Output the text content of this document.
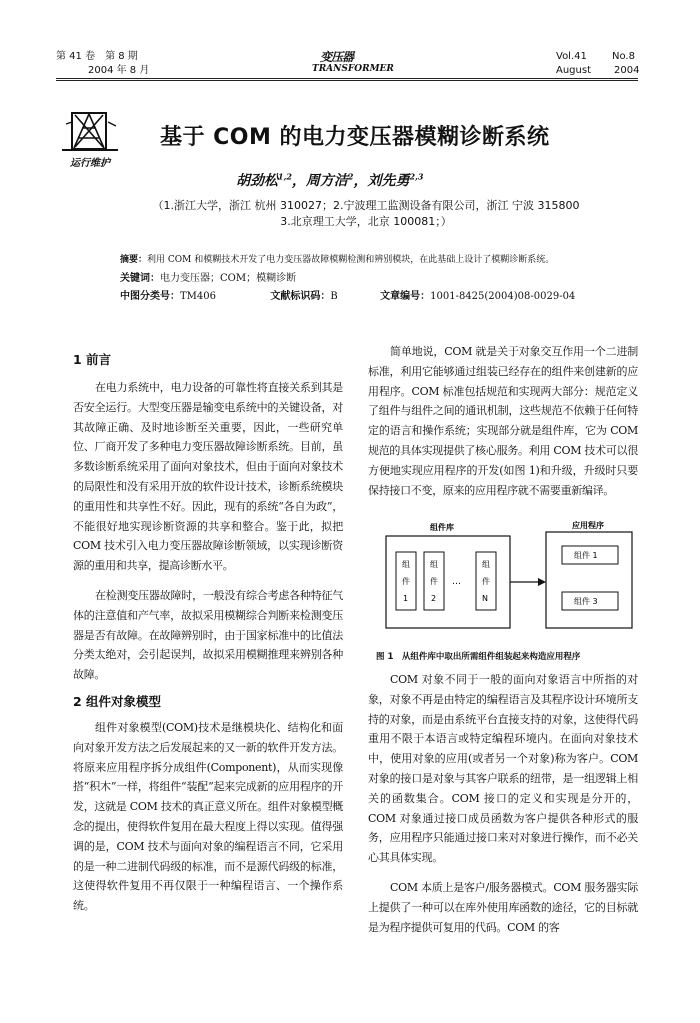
第 41 卷　第 8 期
2004 年 8 月
变压器
TRANSFORMER
Vol.41	No.8
August 2004
运行维护
基于 COM 的电力变压器模糊诊断系统
胡劲松$^{1,2}$，周方洁$^2$，刘先勇$^{2,3}$
（1.浙江大学，浙江 杭州 310027；2.宁波理工监测设备有限公司，浙江 宁波 315800
3.北京理工大学，北京 100081；）
摘要：利用 COM 和模糊技术开发了电力变压器故障模糊检测和辨别模块，在此基础上设计了模糊诊断系统。
关键词：电力变压器；COM；模糊诊断
中图分类号：TM406	文献标识码：B	文章编号：1001-8425(2004)08-0029-04
1 前言
在电力系统中，电力设备的可靠性将直接关系到其是否安全运行。大型变压器是输变电系统中的关键设备，对其故障正确、及时地诊断至关重要，因此，一些研究单位、厂商开发了多种电力变压器故障诊断系统。目前，虽多数诊断系统采用了面向对象技术，但由于面向对象技术的局限性和没有采用开放的软件设计技术，诊断系统模块的重用性和共享性不好。因此，现有的系统“各自为政”，不能很好地实现诊断资源的共享和整合。鉴于此，拟把 COM 技术引入电力变压器故障诊断领域，以实现诊断资源的重用和共享，提高诊断水平。
在检测变压器故障时，一般没有综合考虑各种特征气体的注意值和产气率，故拟采用模糊综合判断来检测变压器是否有故障。在故障辨别时，由于国家标准中的比值法分类太绝对，会引起误判，故拟采用模糊推理来辨别各种故障。
2 组件对象模型
组件对象模型(COM)技术是继模块化、结构化和面向对象开发方法之后发展起来的又一新的软件开发方法。将原来应用程序拆分成组件(Component)，从而实现像搭“积木”一样，将组件“装配”起来完成新的应用程序的开发，这就是 COM 技术的真正意义所在。组件对象模型概念的提出，使得软件复用在最大程度上得以实现。值得强调的是，COM 技术与面向对象的编程语言不同，它采用的是一种二进制代码级的标准，而不是源代码级的标准，这使得软件复用不再仅限于一种编程语言、一个操作系统。
简单地说，COM 就是关于对象交互作用一个二进制标准，利用它能够通过组装已经存在的组件来创建新的应用程序。COM 标准包括规范和实现两大部分：规范定义了组件与组件之间的通讯机制，这些规范不依赖于任何特定的语言和操作系统；实现部分就是组件库，它为 COM 规范的具体实现提供了核心服务。利用 COM 技术可以很方便地实现应用程序的开发(如图 1)和升级，升级时只要保持接口不变，原来的应用程序就不需要重新编译。
组件库	应用程序
组
件
1
组
件
2
…
组
件
N
组件 1
组件 3
图 1　从组件库中取出所需组件组装起来构造应用程序
COM 对象不同于一般的面向对象语言中所指的对象，对象不再是由特定的编程语言及其程序设计环境所支持的对象，而是由系统平台直接支持的对象，这使得代码重用不限于本语言或特定编程环境内。在面向对象技术中，使用对象的应用(或者另一个对象)称为客户。COM 对象的接口是对象与其客户联系的纽带，是一组逻辑上相关的函数集合。COM 接口的定义和实现是分开的，COM 对象通过接口成员函数为客户提供各种形式的服务，应用程序只能通过接口来对对象进行操作，而不必关心其具体实现。
COM 本质上是客户/服务器模式。COM 服务器实际上提供了一种可以在库外使用库函数的途径，它的目标就是为程序提供可复用的代码。COM 的客
